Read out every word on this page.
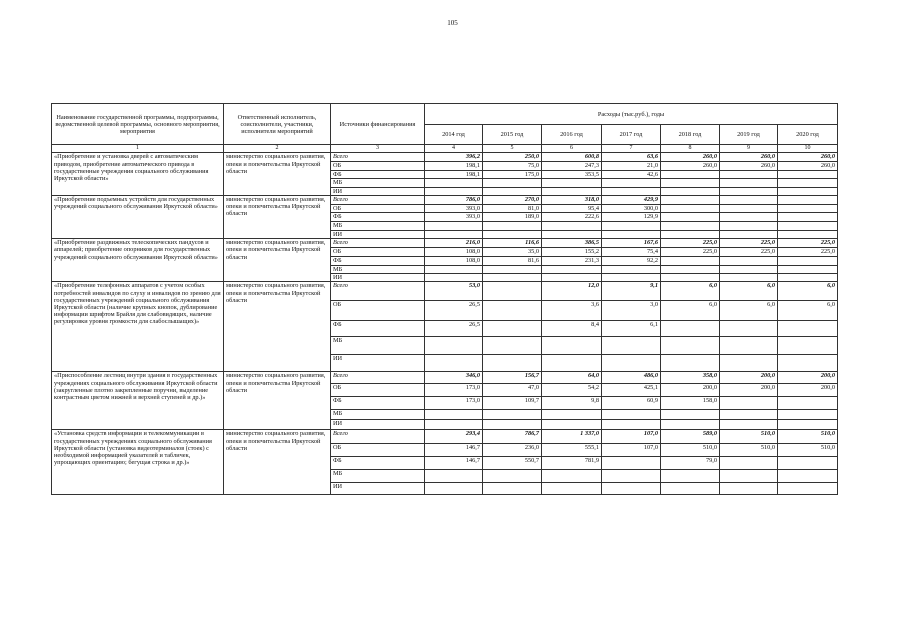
105
Наименование государственной программы, подпрограммы, ведомственной целевой программы, основного мероприятия, мероприятия	Ответственный исполнитель, соисполнители, участники, исполнители мероприятий	Источники финансирования	Расходы (тыс.руб.), годы						
			2014 год	2015 год	2016 год	2017 год	2018 год	2019 год	2020 год
1	2	3	4	5	6	7	8	9	10
«Приобретение и установка дверей с автоматическим приводом, приобретение автоматического привода в государственные учреждения социального обслуживания Иркутской области»	министерство социального развития, опеки и попечительства Иркутской области	Всего	396,2	250,0	600,8	63,6	260,0	260,0	260,0
		ОБ	198,1	75,0	247,3	21,0	260,0	260,0	260,0
		ФБ	198,1	175,0	353,5	42,6			
		МБ							
		ИИ							
«Приобретение подъемных устройств для государственных учреждений социального обслуживания Иркутской области»	министерство социального развития, опеки и попечительства Иркутской области	Всего	786,0	270,0	318,0	429,9			
		ОБ	393,0	81,0	95,4	300,0			
		ФБ	393,0	189,0	222,6	129,9			
		МБ							
		ИИ							
«Приобретение раздвижных телескопических пандусов и аппарелей; приобретение опорников для государственных учреждений социального обслуживания Иркутской области»	министерство социального развития, опеки и попечительства Иркутской области	Всего	216,0	116,6	386,5	167,6	225,0	225,0	225,0
		ОБ	108,0	35,0	155,2	75,4	225,0	225,0	225,0
		ФБ	108,0	81,6	231,3	92,2			
		МБ							
		ИИ							
«Приобретение телефонных аппаратов с учетом особых потребностей инвалидов по слуху и инвалидов по зрению для государственных учреждений социального обслуживания Иркутской области (наличие крупных кнопок, дублирование информации шрифтом Брайля для слабовидящих, наличие регулировки уровня громкости для слабослышащих)»	министерство социального развития, опеки и попечительства Иркутской области	Всего	53,0		12,0	9,1	6,0	6,0	6,0
		ОБ	26,5		3,6	3,0	6,0	6,0	6,0
		ФБ	26,5		8,4	6,1			
		МБ							
		ИИ							
«Приспособление лестниц внутри здания в государственных учреждениях социального обслуживания Иркутской области (закругленные плотно закрепленные поручни, выделение контрастным цветом нижней и верхней ступеней и др.)»	министерство социального развития, опеки и попечительства Иркутской области	Всего	346,0	156,7	64,0	486,0	358,0	200,0	200,0
		ОБ	173,0	47,0	54,2	425,1	200,0	200,0	200,0
		ФБ	173,0	109,7	9,8	60,9	158,0		
		МБ							
		ИИ							
«Установка средств информации и телекоммуникации в государственных учреждениях социального обслуживания Иркутской области (установка видеотерминалов (стоек) с необходимой информацией указателей и табличек, упрощающих ориентацию; бегущая строка и др.)»	министерство социального развития, опеки и попечительства Иркутской области	Всего	293,4	786,7	1 337,0	107,0	589,0	510,0	510,0
		ОБ	146,7	236,0	555,1	107,0	510,0	510,0	510,0
		ФБ	146,7	550,7	781,9		79,0		
		МБ							
		ИИ							
